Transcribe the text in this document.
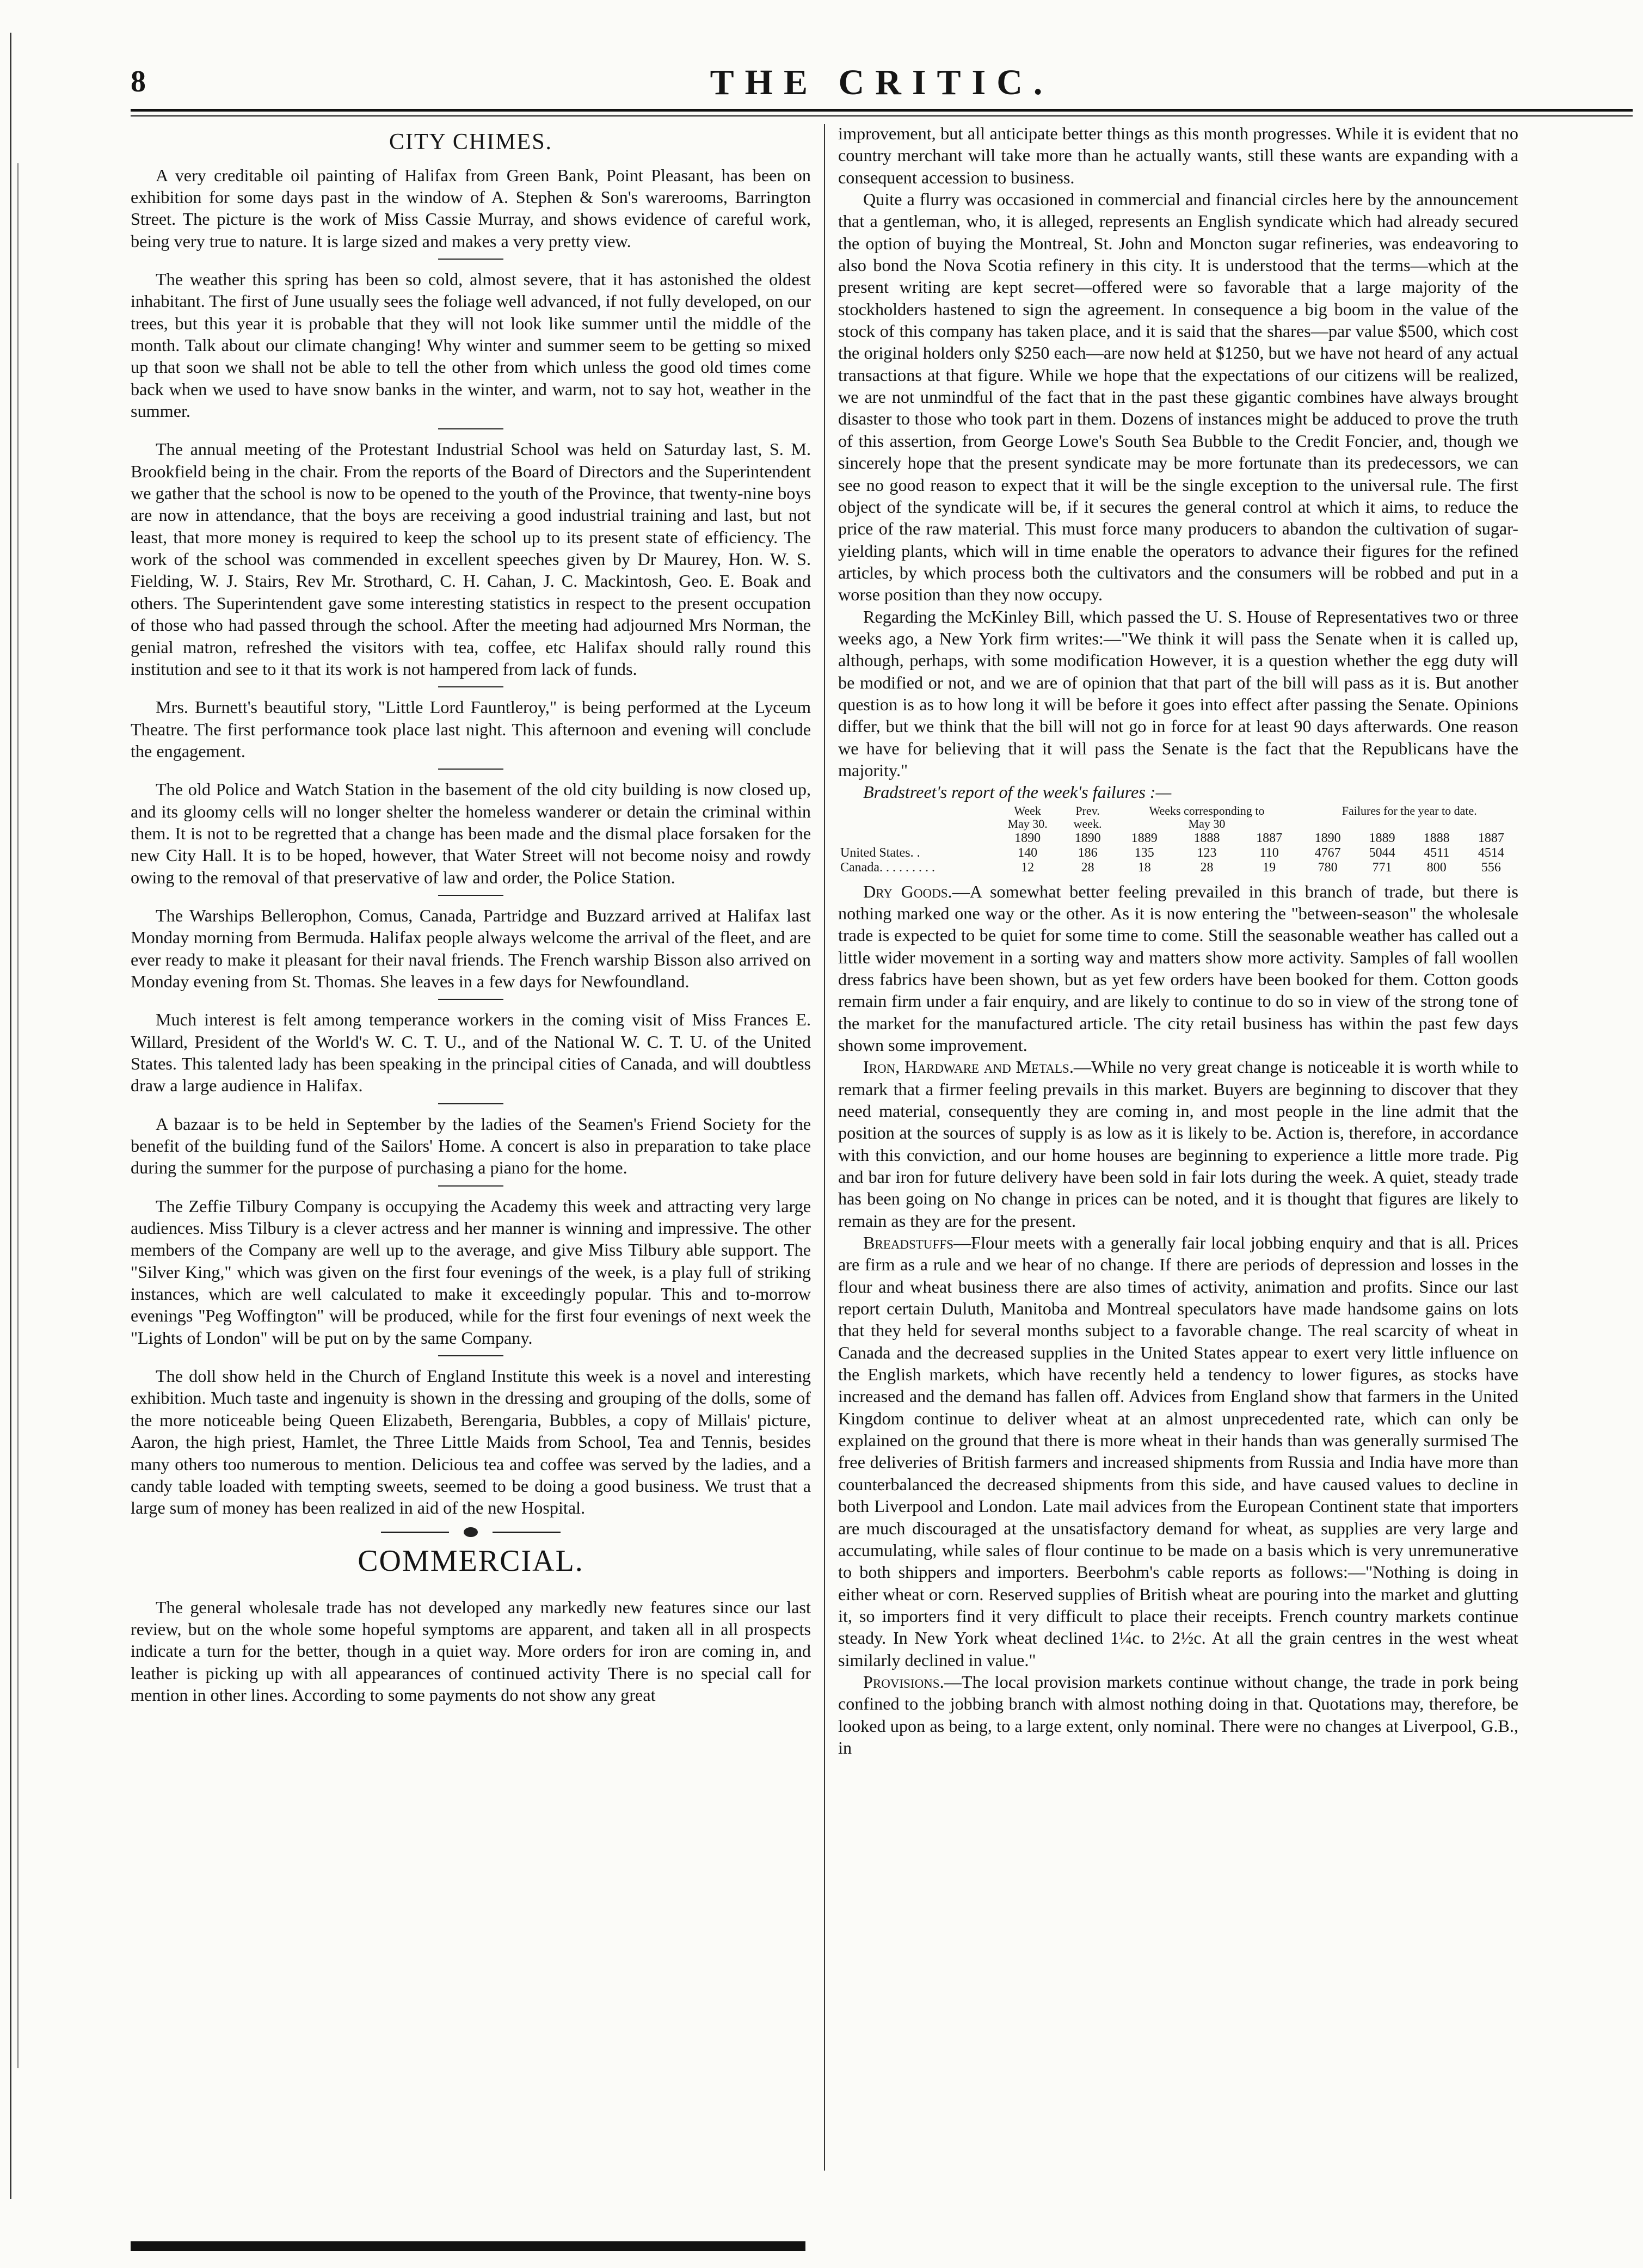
8	THE CRITIC.
CITY CHIMES.

A very creditable oil painting of Halifax from Green Bank, Point Pleasant, has been on exhibition for some days past in the window of A. Stephen & Son's warerooms, Barrington Street. The picture is the work of Miss Cassie Murray, and shows evidence of careful work, being very true to nature. It is large sized and makes a very pretty view.

The weather this spring has been so cold, almost severe, that it has astonished the oldest inhabitant. The first of June usually sees the foliage well advanced, if not fully developed, on our trees, but this year it is probable that they will not look like summer until the middle of the month. Talk about our climate changing! Why winter and summer seem to be getting so mixed up that soon we shall not be able to tell the other from which unless the good old times come back when we used to have snow banks in the winter, and warm, not to say hot, weather in the summer.

The annual meeting of the Protestant Industrial School was held on Saturday last, S. M. Brookfield being in the chair. From the reports of the Board of Directors and the Superintendent we gather that the school is now to be opened to the youth of the Province, that twenty-nine boys are now in attendance, that the boys are receiving a good industrial training and last, but not least, that more money is required to keep the school up to its present state of efficiency. The work of the school was commended in excellent speeches given by Dr Maurey, Hon. W. S. Fielding, W. J. Stairs, Rev Mr. Strothard, C. H. Cahan, J. C. Mackintosh, Geo. E. Boak and others. The Superintendent gave some interesting statistics in respect to the present occupation of those who had passed through the school. After the meeting had adjourned Mrs Norman, the genial matron, refreshed the visitors with tea, coffee, etc Halifax should rally round this institution and see to it that its work is not hampered from lack of funds.

Mrs. Burnett's beautiful story, "Little Lord Fauntleroy," is being performed at the Lyceum Theatre. The first performance took place last night. This afternoon and evening will conclude the engagement.

The old Police and Watch Station in the basement of the old city building is now closed up, and its gloomy cells will no longer shelter the homeless wanderer or detain the criminal within them. It is not to be regretted that a change has been made and the dismal place forsaken for the new City Hall. It is to be hoped, however, that Water Street will not become noisy and rowdy owing to the removal of that preservative of law and order, the Police Station.

The Warships Bellerophon, Comus, Canada, Partridge and Buzzard arrived at Halifax last Monday morning from Bermuda. Halifax people always welcome the arrival of the fleet, and are ever ready to make it pleasant for their naval friends. The French warship Bisson also arrived on Monday evening from St. Thomas. She leaves in a few days for Newfoundland.

Much interest is felt among temperance workers in the coming visit of Miss Frances E. Willard, President of the World's W. C. T. U., and of the National W. C. T. U. of the United States. This talented lady has been speaking in the principal cities of Canada, and will doubtless draw a large audience in Halifax.

A bazaar is to be held in September by the ladies of the Seamen's Friend Society for the benefit of the building fund of the Sailors' Home. A concert is also in preparation to take place during the summer for the purpose of purchasing a piano for the home.

The Zeffie Tilbury Company is occupying the Academy this week and attracting very large audiences. Miss Tilbury is a clever actress and her manner is winning and impressive. The other members of the Company are well up to the average, and give Miss Tilbury able support. The "Silver King," which was given on the first four evenings of the week, is a play full of striking instances, which are well calculated to make it exceedingly popular. This and to-morrow evenings "Peg Woffington" will be produced, while for the first four evenings of next week the "Lights of London" will be put on by the same Company.

The doll show held in the Church of England Institute this week is a novel and interesting exhibition. Much taste and ingenuity is shown in the dressing and grouping of the dolls, some of the more noticeable being Queen Elizabeth, Berengaria, Bubbles, a copy of Millais' picture, Aaron, the high priest, Hamlet, the Three Little Maids from School, Tea and Tennis, besides many others too numerous to mention. Delicious tea and coffee was served by the ladies, and a candy table loaded with tempting sweets, seemed to be doing a good business. We trust that a large sum of money has been realized in aid of the new Hospital.

COMMERCIAL.

The general wholesale trade has not developed any markedly new features since our last review, but on the whole some hopeful symptoms are apparent, and taken all in all prospects indicate a turn for the better, though in a quiet way. More orders for iron are coming in, and leather is picking up with all appearances of continued activity There is no special call for mention in other lines. According to some payments do not show any great

improvement, but all anticipate better things as this month progresses. While it is evident that no country merchant will take more than he actually wants, still these wants are expanding with a consequent accession to business.

Quite a flurry was occasioned in commercial and financial circles here by the announcement that a gentleman, who, it is alleged, represents an English syndicate which had already secured the option of buying the Montreal, St. John and Moncton sugar refineries, was endeavoring to also bond the Nova Scotia refinery in this city. It is understood that the terms—which at the present writing are kept secret—offered were so favorable that a large majority of the stockholders hastened to sign the agreement. In consequence a big boom in the value of the stock of this company has taken place, and it is said that the shares—par value $500, which cost the original holders only $250 each—are now held at $1250, but we have not heard of any actual transactions at that figure. While we hope that the expectations of our citizens will be realized, we are not unmindful of the fact that in the past these gigantic combines have always brought disaster to those who took part in them. Dozens of instances might be adduced to prove the truth of this assertion, from George Lowe's South Sea Bubble to the Credit Foncier, and, though we sincerely hope that the present syndicate may be more fortunate than its predecessors, we can see no good reason to expect that it will be the single exception to the universal rule. The first object of the syndicate will be, if it secures the general control at which it aims, to reduce the price of the raw material. This must force many producers to abandon the cultivation of sugar-yielding plants, which will in time enable the operators to advance their figures for the refined articles, by which process both the cultivators and the consumers will be robbed and put in a worse position than they now occupy.

Regarding the McKinley Bill, which passed the U. S. House of Representatives two or three weeks ago, a New York firm writes:—"We think it will pass the Senate when it is called up, although, perhaps, with some modification However, it is a question whether the egg duty will be modified or not, and we are of opinion that that part of the bill will pass as it is. But another question is as to how long it will be before it goes into effect after passing the Senate. Opinions differ, but we think that the bill will not go in force for at least 90 days afterwards. One reason we have for believing that it will pass the Senate is the fact that the Republicans have the majority."

Bradstreet's report of the week's failures :—

	Week	Prev.	Weeks corresponding to			Failures for the year to date.			
	May 30.	week.	May 30						
	1890	1890	1889	1888	1887	1890	1889	1888	1887
United States. .	140	186	135	123	110	4767	5044	4511	4514
Canada. . . . . . . . .	12	28	18	28	19	780	771	800	556

Dry Goods.—A somewhat better feeling prevailed in this branch of trade, but there is nothing marked one way or the other. As it is now entering the "between-season" the wholesale trade is expected to be quiet for some time to come. Still the seasonable weather has called out a little wider movement in a sorting way and matters show more activity. Samples of fall woollen dress fabrics have been shown, but as yet few orders have been booked for them. Cotton goods remain firm under a fair enquiry, and are likely to continue to do so in view of the strong tone of the market for the manufactured article. The city retail business has within the past few days shown some improvement.

Iron, Hardware and Metals.—While no very great change is noticeable it is worth while to remark that a firmer feeling prevails in this market. Buyers are beginning to discover that they need material, consequently they are coming in, and most people in the line admit that the position at the sources of supply is as low as it is likely to be. Action is, therefore, in accordance with this conviction, and our home houses are beginning to experience a little more trade. Pig and bar iron for future delivery have been sold in fair lots during the week. A quiet, steady trade has been going on No change in prices can be noted, and it is thought that figures are likely to remain as they are for the present.

Breadstuffs—Flour meets with a generally fair local jobbing enquiry and that is all. Prices are firm as a rule and we hear of no change. If there are periods of depression and losses in the flour and wheat business there are also times of activity, animation and profits. Since our last report certain Duluth, Manitoba and Montreal speculators have made handsome gains on lots that they held for several months subject to a favorable change. The real scarcity of wheat in Canada and the decreased supplies in the United States appear to exert very little influence on the English markets, which have recently held a tendency to lower figures, as stocks have increased and the demand has fallen off. Advices from England show that farmers in the United Kingdom continue to deliver wheat at an almost unprecedented rate, which can only be explained on the ground that there is more wheat in their hands than was generally surmised The free deliveries of British farmers and increased shipments from Russia and India have more than counterbalanced the decreased shipments from this side, and have caused values to decline in both Liverpool and London. Late mail advices from the European Continent state that importers are much discouraged at the unsatisfactory demand for wheat, as supplies are very large and accumulating, while sales of flour continue to be made on a basis which is very unremunerative to both shippers and importers. Beerbohm's cable reports as follows:—"Nothing is doing in either wheat or corn. Reserved supplies of British wheat are pouring into the market and glutting it, so importers find it very difficult to place their receipts. French country markets continue steady. In New York wheat declined 1¼c. to 2½c. At all the grain centres in the west wheat similarly declined in value."

Provisions.—The local provision markets continue without change, the trade in pork being confined to the jobbing branch with almost nothing doing in that. Quotations may, therefore, be looked upon as being, to a large extent, only nominal. There were no changes at Liverpool, G.B., in
